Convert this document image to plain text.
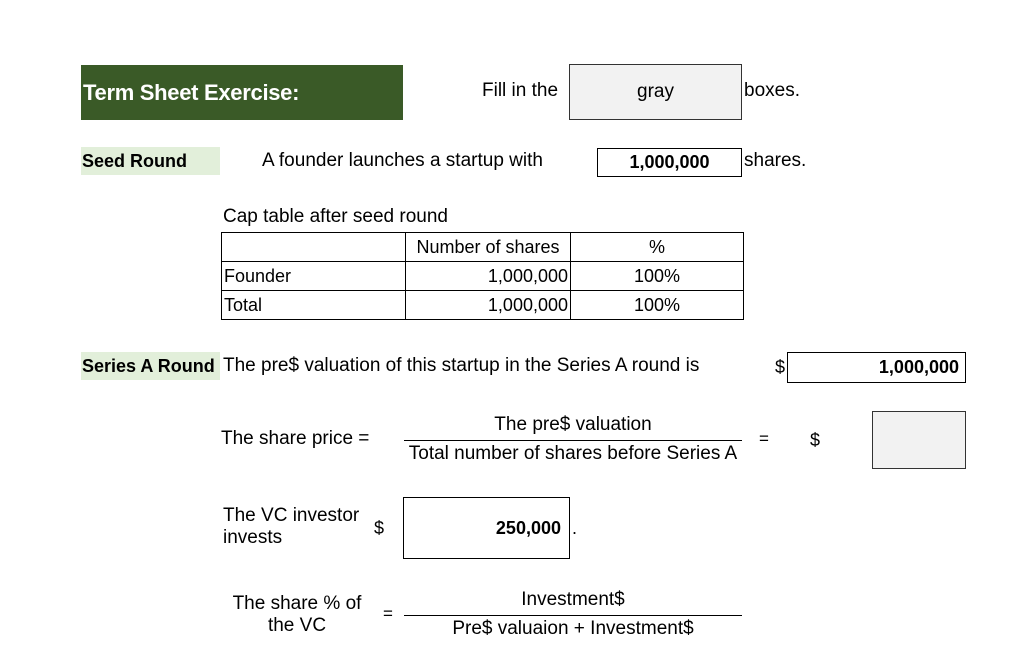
Term Sheet Exercise:	Fill in the	gray	boxes.
Seed Round	A founder launches a startup with	1,000,000	shares.
Cap table after seed round
	Number of shares	%
Founder	1,000,000	100%
Total	1,000,000	100%
Series A Round The pre$ valuation of this startup in the Series A round is	$	1,000,000
The share price =
The pre$ valuation
Total number of shares before Series A
= $
The VC investor
invests	$	250,000 .
The share % of
the VC
=
Investment$
Pre$ valuaion + Investment$
